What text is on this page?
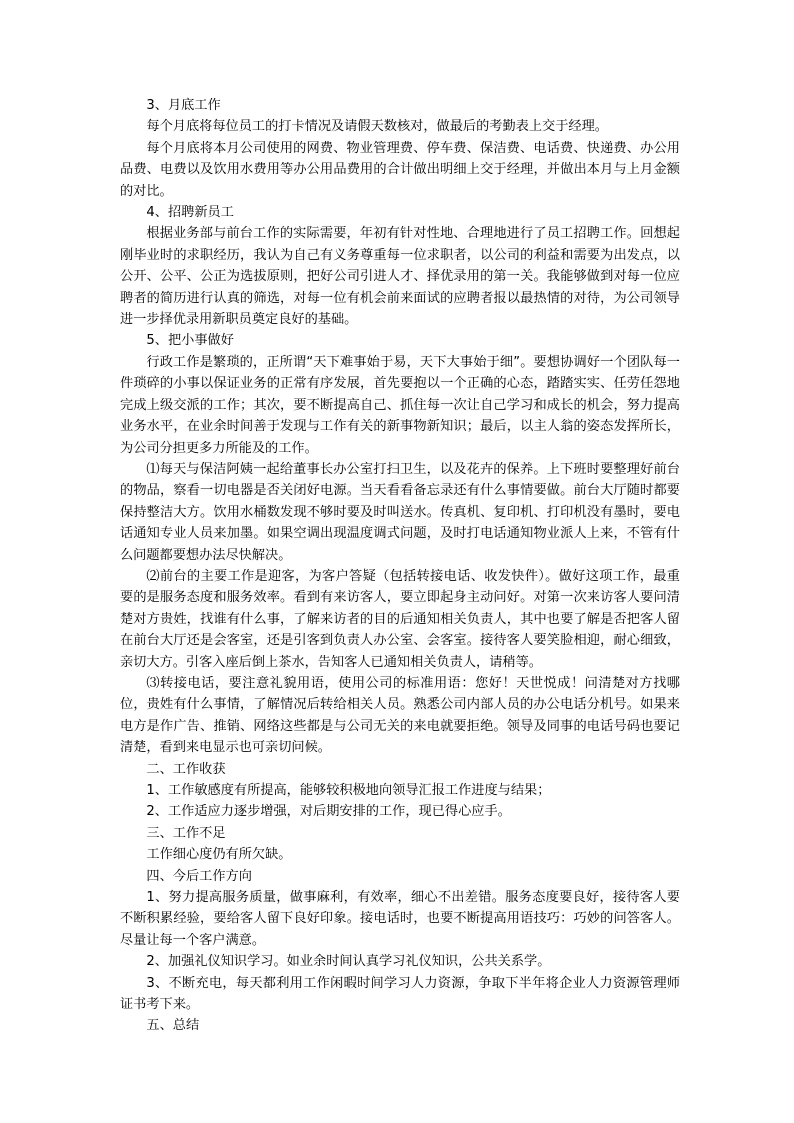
3、月底工作

每个月底将每位员工的打卡情况及请假天数核对，做最后的考勤表上交于经理。

每个月底将本月公司使用的网费、物业管理费、停车费、保洁费、电话费、快递费、办公用品费、电费以及饮用水费用等办公用品费用的合计做出明细上交于经理，并做出本月与上月金额的对比。

4、招聘新员工

根据业务部与前台工作的实际需要，年初有针对性地、合理地进行了员工招聘工作。回想起刚毕业时的求职经历，我认为自己有义务尊重每一位求职者，以公司的利益和需要为出发点，以公开、公平、公正为选拔原则，把好公司引进人才、择优录用的第一关。我能够做到对每一位应聘者的简历进行认真的筛选，对每一位有机会前来面试的应聘者报以最热情的对待，为公司领导进一步择优录用新职员奠定良好的基础。

5、把小事做好

行政工作是繁琐的，正所谓“天下难事始于易，天下大事始于细”。要想协调好一个团队每一件琐碎的小事以保证业务的正常有序发展，首先要抱以一个正确的心态，踏踏实实、任劳任怨地完成上级交派的工作；其次，要不断提高自己、抓住每一次让自己学习和成长的机会，努力提高业务水平，在业余时间善于发现与工作有关的新事物新知识；最后，以主人翁的姿态发挥所长，为公司分担更多力所能及的工作。

⑴每天与保洁阿姨一起给董事长办公室打扫卫生，以及花卉的保养。上下班时要整理好前台的物品，察看一切电器是否关闭好电源。当天看看备忘录还有什么事情要做。前台大厅随时都要保持整洁大方。饮用水桶数发现不够时要及时叫送水。传真机、复印机、打印机没有墨时，要电话通知专业人员来加墨。如果空调出现温度调式问题，及时打电话通知物业派人上来，不管有什么问题都要想办法尽快解决。

⑵前台的主要工作是迎客，为客户答疑（包括转接电话、收发快件）。做好这项工作，最重要的是服务态度和服务效率。看到有来访客人，要立即起身主动问好。对第一次来访客人要问清楚对方贵姓，找谁有什么事，了解来访者的目的后通知相关负责人，其中也要了解是否把客人留在前台大厅还是会客室，还是引客到负责人办公室、会客室。接待客人要笑脸相迎，耐心细致，亲切大方。引客入座后倒上茶水，告知客人已通知相关负责人，请稍等。

⑶转接电话，要注意礼貌用语，使用公司的标准用语：您好！天世悦成！问清楚对方找哪位，贵姓有什么事情，了解情况后转给相关人员。熟悉公司内部人员的办公电话分机号。如果来电方是作广告、推销、网络这些都是与公司无关的来电就要拒绝。领导及同事的电话号码也要记清楚，看到来电显示也可亲切问候。

二、工作收获

1、工作敏感度有所提高，能够较积极地向领导汇报工作进度与结果；

2、工作适应力逐步增强，对后期安排的工作，现已得心应手。

三、工作不足

工作细心度仍有所欠缺。

四、今后工作方向

1、努力提高服务质量，做事麻利，有效率，细心不出差错。服务态度要良好，接待客人要不断积累经验，要给客人留下良好印象。接电话时，也要不断提高用语技巧：巧妙的问答客人。尽量让每一个客户满意。

2、加强礼仪知识学习。如业余时间认真学习礼仪知识，公共关系学。

3、不断充电，每天都利用工作闲暇时间学习人力资源，争取下半年将企业人力资源管理师证书考下来。

五、总结
